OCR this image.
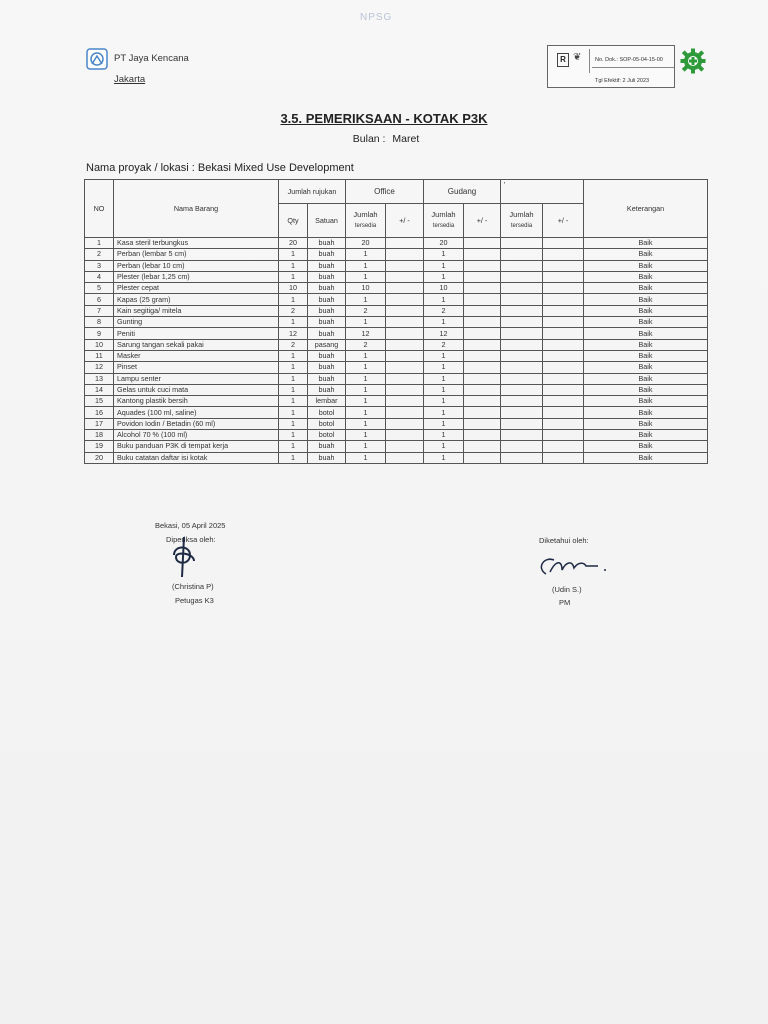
NPSG
PT Jaya Kencana
Jakarta
R ❦ No. Dok.: SOP-05-04-15-00
Tgl Efektif: 2 Juli 2023
3.5. PEMERIKSAAN - KOTAK P3K
Bulan : Maret
Nama proyak / lokasi : Bekasi Mixed Use Development
NO	Nama Barang	Jumlah rujukan		Office		Gudang		'		Keterangan
		Qty	Satuan	Jumlah
tersedia	+/ -	Jumlah
tersedia	+/ -	Jumlah
tersedia	+/ -	
1	Kasa steril terbungkus	20	buah	20		20				Baik
2	Perban (lembar 5 cm)	1	buah	1		1				Baik
3	Perban (lebar 10 cm)	1	buah	1		1				Baik
4	Plester (lebar 1,25 cm)	1	buah	1		1				Baik
5	Plester cepat	10	buah	10		10				Baik
6	Kapas (25 gram)	1	buah	1		1				Baik
7	Kain segitiga/ mitela	2	buah	2		2				Baik
8	Gunting	1	buah	1		1				Baik
9	Peniti	12	buah	12		12				Baik
10	Sarung tangan sekali pakai	2	pasang	2		2				Baik
11	Masker	1	buah	1		1				Baik
12	Pinset	1	buah	1		1				Baik
13	Lampu senter	1	buah	1		1				Baik
14	Gelas untuk cuci mata	1	buah	1		1				Baik
15	Kantong plastik bersih	1	lembar	1		1				Baik
16	Aquades (100 ml, saline)	1	botol	1		1				Baik
17	Povidon Iodin / Betadin (60 ml)	1	botol	1		1				Baik
18	Alcohol 70 % (100 ml)	1	botol	1		1				Baik
19	Buku panduan P3K di tempat kerja	1	buah	1		1				Baik
20	Buku catatan daftar isi kotak	1	buah	1		1				Baik
Bekasi, 05 April 2025
Diperiksa oleh:
(Christina P)
Petugas K3
Diketahui oleh:
(Udin S.)
PM
